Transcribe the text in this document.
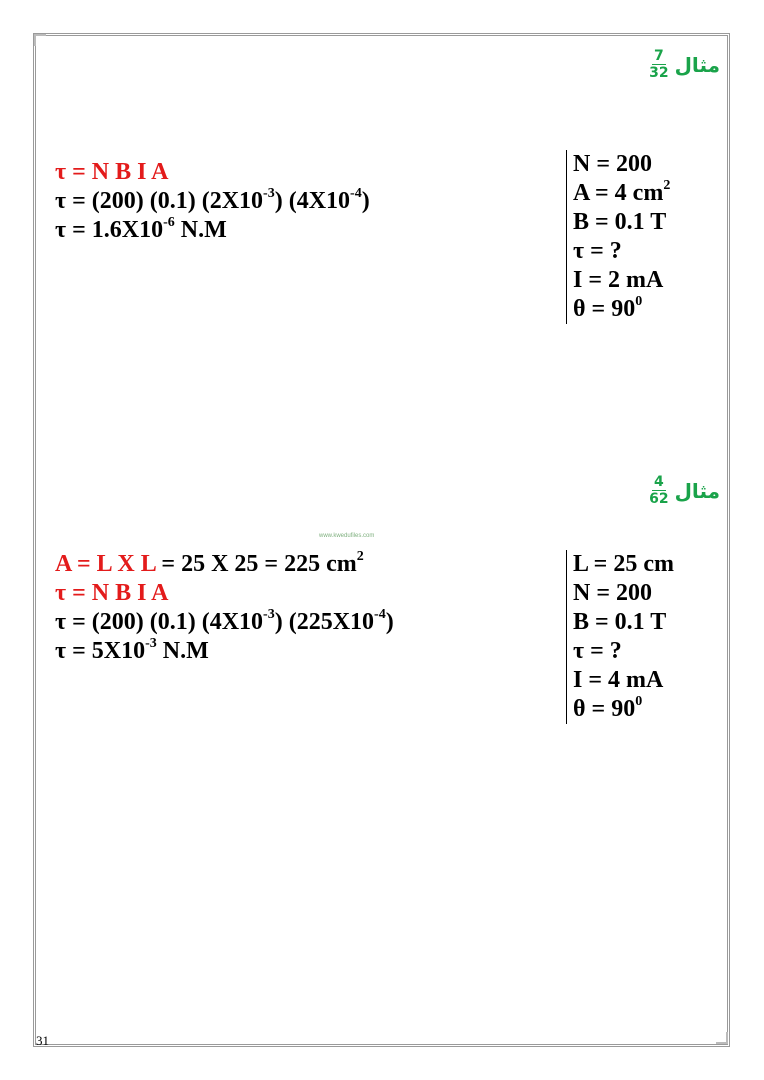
$\frac{7}{32}$ مثال
τ = N B I A
τ = (200) (0.1) $(2X10^{-3})$ $(4X10^{-4})$
$\tau = 1.6X10^{-6}$ N.M
N = 200
A = 4 $cm^2$
B = 0.1 T
τ = ?
I = 2 mA
$\theta = 90^0$
$\frac{4}{62}$ مثال
www.kwedufiles.com
A = L X L = 25 X 25 = 225 $cm^2$
τ = N B I A
τ = (200) (0.1) $(4X10^{-3})$ $(225X10^{-4})$
$\tau = 5X10^{-3}$ N.M
L = 25 cm
N = 200
B = 0.1 T
τ = ?
I = 4 mA
$\theta = 90^0$
31
